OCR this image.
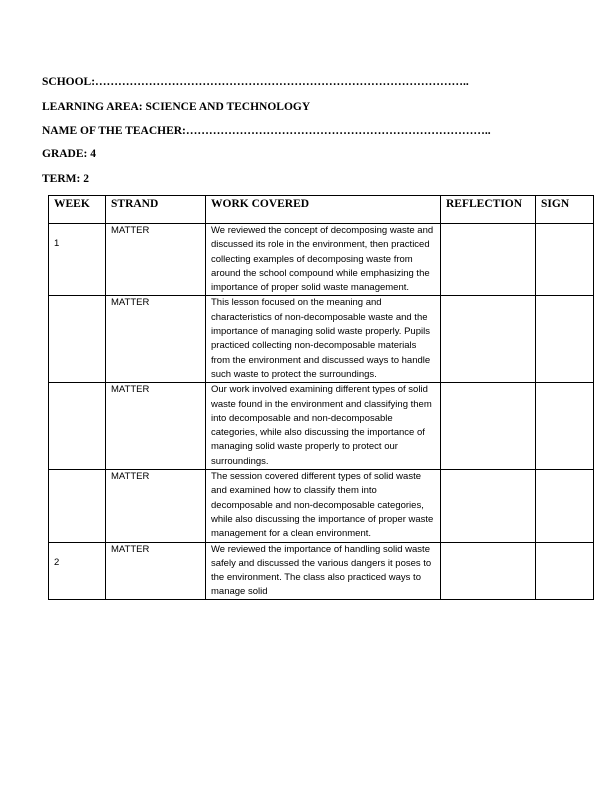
SCHOOL:……………………………………………………………………………………..
LEARNING AREA: SCIENCE AND TECHNOLOGY
NAME OF THE TEACHER:……………………………………………………………………..
GRADE: 4
TERM: 2
WEEK	STRAND	WORK COVERED	REFLECTION	SIGN

1	MATTER	We reviewed the concept of decomposing waste and discussed its role in the environment, then practiced collecting examples of decomposing waste from around the school compound while emphasizing the importance of proper solid waste management.		

	MATTER	This lesson focused on the meaning and characteristics of non-decomposable waste and the importance of managing solid waste properly. Pupils practiced collecting non-decomposable materials from the environment and discussed ways to handle such waste to protect the surroundings.		

	MATTER	Our work involved examining different types of solid waste found in the environment and classifying them into decomposable and non-decomposable categories, while also discussing the importance of managing solid waste properly to protect our surroundings.		

	MATTER	The session covered different types of solid waste and examined how to classify them into decomposable and non-decomposable categories, while also discussing the importance of proper waste management for a clean environment.		

2	MATTER	We reviewed the importance of handling solid waste safely and discussed the various dangers it poses to the environment. The class also practiced ways to manage solid		
